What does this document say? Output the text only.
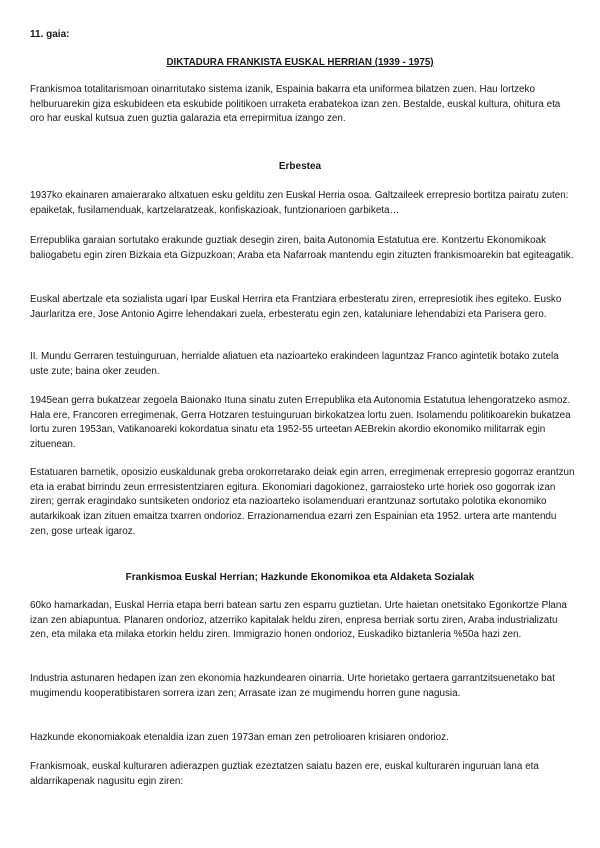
11. gaia:

DIKTADURA FRANKISTA EUSKAL HERRIAN (1939 - 1975)

Frankismoa totalitarismoan oinarritutako sistema izanik, Espainia bakarra eta uniformea bilatzen zuen. Hau lortzeko helburuarekin giza eskubideen eta eskubide politikoen urraketa erabatekoa izan zen. Bestalde, euskal kultura, ohitura eta oro har euskal kutsua zuen guztia galarazia eta errepirmitua izango zen.

Erbestea

1937ko ekainaren amaierarako altxatuen esku gelditu zen Euskal Herria osoa. Galtzaileek errepresio bortitza pairatu zuten: epaiketak, fusilamenduak, kartzelaratzeak, konfiskazioak, funtzionarioen garbiketa…

Errepublika garaian sortutako erakunde guztiak desegin ziren, baita Autonomia Estatutua ere. Kontzertu Ekonomikoak baliogabetu egin ziren Bizkaia eta Gizpuzkoan; Araba eta Nafarroak mantendu egin zituzten frankismoarekin bat egiteagatik.

Euskal abertzale eta sozialista ugari Ipar Euskal Herrira eta Frantziara erbesteratu ziren, errepresiotik ihes egiteko. Eusko Jaurlaritza ere, Jose Antonio Agirre lehendakari zuela, erbesteratu egin zen, kataluniare lehendabizi eta Parisera gero.

II. Mundu Gerraren testuinguruan, herrialde aliatuen eta nazioarteko erakindeen laguntzaz Franco agintetik botako zutela uste zute; baina oker zeuden.

1945ean gerra bukatzear zegoela Baionako Ituna sinatu zuten Errepublika eta Autonomia Estatutua lehengoratzeko asmoz. Hala ere, Francoren erregimenak, Gerra Hotzaren testuinguruan birkokatzea lortu zuen. Isolamendu politikoarekin bukatzea lortu zuren 1953an, Vatikanoareki kokordatua sinatu eta 1952-55 urteetan AEBrekin akordio ekonomiko militarrak egin zituenean.

Estatuaren barnetik, oposizio euskaldunak greba orokorretarako deiak egin arren, erregimenak errepresio gogorraz erantzun eta ia erabat birrindu zeun errresistentziaren egitura. Ekonomiari dagokionez, garraiosteko urte horiek oso gogorrak izan ziren; gerrak eragindako suntsiketen ondorioz eta nazioarteko isolamenduari erantzunaz sortutako polotika ekonomiko autarkikoak izan zituen emaitza txarren ondorioz. Errazionamendua ezarri zen Espainian eta 1952. urtera arte mantendu zen, gose urteak igaroz.

Frankismoa Euskal Herrian; Hazkunde Ekonomikoa eta Aldaketa Sozialak

60ko hamarkadan, Euskal Herria etapa berri batean sartu zen esparru guztietan. Urte haietan onetsitako Egonkortze Plana izan zen abiapuntua. Planaren ondorioz, atzerriko kapitalak heldu ziren, enpresa berriak sortu ziren, Araba industrializatu zen, eta milaka eta milaka etorkin heldu ziren. Immigrazio honen ondorioz, Euskadiko biztanleria %50a hazi zen.

Industria astunaren hedapen izan zen ekonomia hazkundearen oinarria. Urte horietako gertaera garrantzitsuenetako bat mugimendu kooperatibistaren sorrera izan zen; Arrasate izan ze mugimendu horren gune nagusia.

Hazkunde ekonomiakoak etenaldia izan zuen 1973an eman zen petrolioaren krisiaren ondorioz.

Frankismoak, euskal kulturaren adierazpen guztiak ezeztatzen saiatu bazen ere, euskal kulturaren inguruan lana eta aldarrikapenak nagusitu egin ziren:
